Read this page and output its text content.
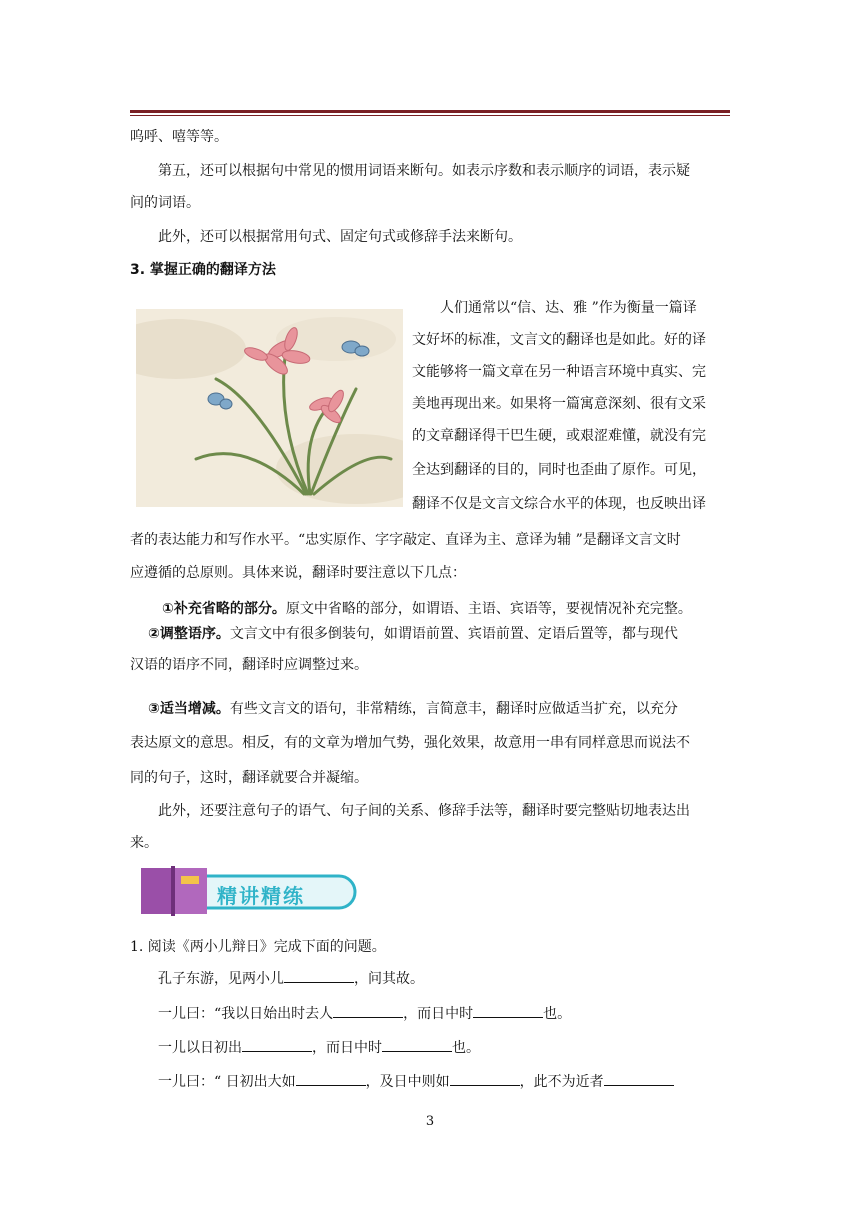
呜呼、嘻等等。
第五，还可以根据句中常见的惯用词语来断句。如表示序数和表示顺序的词语，表示疑
问的词语。
此外，还可以根据常用句式、固定句式或修辞手法来断句。
3. 掌握正确的翻译方法
人们通常以“信、达、雅 ”作为衡量一篇译
文好坏的标准，文言文的翻译也是如此。好的译
文能够将一篇文章在另一种语言环境中真实、完
美地再现出来。如果将一篇寓意深刻、很有文采
的文章翻译得干巴生硬，或艰涩难懂，就没有完
全达到翻译的目的，同时也歪曲了原作。可见，
翻译不仅是文言文综合水平的体现，也反映出译
者的表达能力和写作水平。“忠实原作、字字敲定、直译为主、意译为辅 ”是翻译文言文时
应遵循的总原则。具体来说，翻译时要注意以下几点：
①补充省略的部分。原文中省略的部分，如谓语、主语、宾语等，要视情况补充完整。
②调整语序。文言文中有很多倒装句，如谓语前置、宾语前置、定语后置等，都与现代
汉语的语序不同，翻译时应调整过来。
③适当增减。有些文言文的语句，非常精练，言简意丰，翻译时应做适当扩充，以充分
表达原文的意思。相反，有的文章为增加气势，强化效果，故意用一串有同样意思而说法不
同的句子，这时，翻译就要合并凝缩。
此外，还要注意句子的语气、句子间的关系、修辞手法等，翻译时要完整贴切地表达出
来。
精讲精练
1. 阅读《两小儿辩日》完成下面的问题。
孔子东游，见两小儿	，问其故。
一儿曰：“我以日始出时去人	，而日中时	也。
一儿以日初出	，而日中时	也。
一儿曰：“ 日初出大如	，及日中则如	，此不为近者
3
